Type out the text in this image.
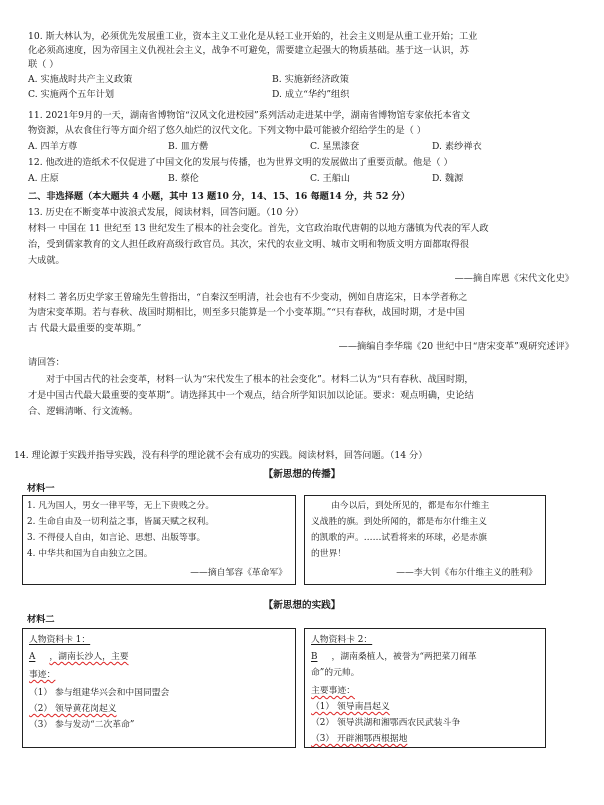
10. 斯大林认为，必须优先发展重工业，资本主义工业化是从轻工业开始的，社会主义则是从重工业开始；工业
化必须高速度，因为帝国主义仇视社会主义，战争不可避免，需要建立起强大的物质基础。基于这一认识，苏
联（ ）
A. 实施战时共产主义政策	B. 实施新经济政策
C. 实施两个五年计划	D. 成立“华约”组织
11. 2021年9月的一天，湖南省博物馆“汉风文化进校园”系列活动走进某中学，湖南省博物馆专家依托本省文
物资源，从农食住行等方面介绍了悠久灿烂的汉代文化。下列文物中最可能被介绍给学生的是（ ）
A. 四羊方尊	B. 皿方罍	C. 星黑漆奁	D. 素纱禅衣
12. 他改进的造纸术不仅促进了中国文化的发展与传播，也为世界文明的发展做出了重要贡献。他是（ ）
A. 庄原	B. 蔡伦	C. 王船山	D. 魏源
二、非选择题（本大题共 4 小题，其中 13 题10 分，14、15、16 每题14 分，共 52 分）
13. 历史在不断变革中波浪式发展，阅读材料，回答问题。（10 分）
材料一 中国在 11 世纪至 13 世纪发生了根本的社会变化。首先，文官政治取代唐朝的以地方藩镇为代表的军人政
治，受到儒家教育的文人担任政府高级行政官员。其次，宋代的农业文明、城市文明和物质文明方面都取得很
大成就。
——摘自库恩《宋代文化史》
材料二 著名历史学家王曾瑜先生曾指出，“自秦汉至明清，社会也有不少变动，例如自唐迄宋，日本学者称之
为唐宋变革期。若与春秋、战国时期相比，则至多只能算是一个小变革期。”“只有春秋，战国时期，才是中国
古 代最大最重要的变革期。”
——摘编自李华瑞《20 世纪中日“唐宋变革”观研究述评》
请回答：
对于中国古代的社会变革，材料一认为“宋代发生了根本的社会变化”。材料二认为“只有春秋、战国时期，
才是中国古代最大最重要的变革期”。请选择其中一个观点，结合所学知识加以论证。要求：观点明确，史论结
合、逻辑清晰、行文流畅。
14. 理论源于实践并指导实践，没有科学的理论就不会有成功的实践。阅读材料，回答问题。（14 分）
【新思想的传播】
材料一
1. 凡为国人，男女一律平等，无上下贵贱之分。
2. 生命自由及一切利益之事，皆属天赋之权利。
3. 不得侵人自由，如言论、思想、出版等事。
4. 中华共和国为自由独立之国。
——摘自邹容《革命军》
由今以后，到处所见的，都是布尔什维主
义战胜的旗。到处所闻的，都是布尔什维主义
的凯歌的声。……试看将来的环球，必是赤旗
的世界！
——李大钊《布尔什维主义的胜利》
【新思想的实践】
材料二
人物资料卡 1：
A ，湖南长沙人，主要
事迹：
（1） 参与组建华兴会和中国同盟会
（2） 领导黄花岗起义
（3） 参与发动“二次革命”
人物资料卡 2：
B ，湖南桑植人，被誉为“两把菜刀闹革
命”的元帅。
主要事迹：
（1） 领导南昌起义
（2） 领导洪湖和湘鄂西农民武装斗争
（3） 开辟湘鄂西根据地
